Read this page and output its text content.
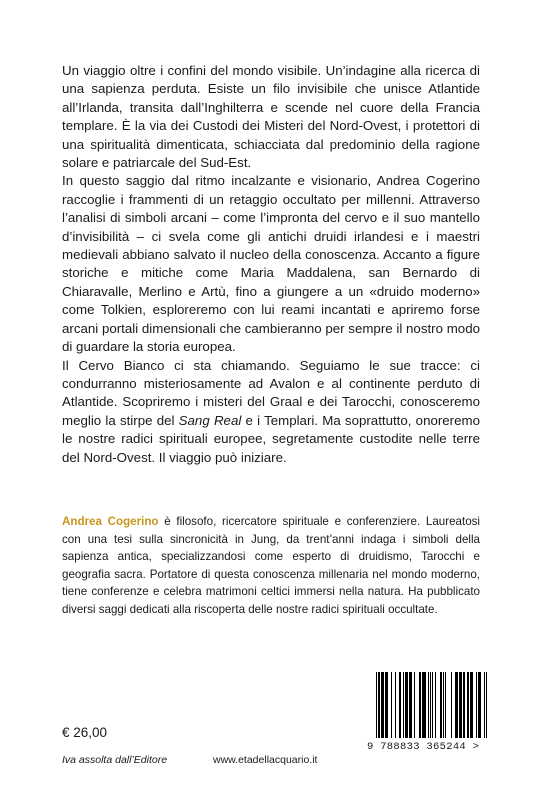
Un viaggio oltre i confini del mondo visibile. Un’indagine alla ricerca di una sapienza perduta. Esiste un filo invisibile che unisce Atlantide all’Irlanda, transita dall’Inghilterra e scende nel cuore della Francia templare. È la via dei Custodi dei Misteri del Nord-Ovest, i protettori di una spiritualità dimenticata, schiacciata dal predominio della ragione solare e patriarcale del Sud-Est.

In questo saggio dal ritmo incalzante e visionario, Andrea Cogerino raccoglie i frammenti di un retaggio occultato per millenni. Attraverso l’analisi di simboli arcani – come l’impronta del cervo e il suo mantello d’invisibilità – ci svela come gli antichi druidi irlandesi e i maestri medievali abbiano salvato il nucleo della conoscenza. Accanto a figure storiche e mitiche come Maria Maddalena, san Bernardo di Chiaravalle, Merlino e Artù, fino a giungere a un «druido moderno» come Tolkien, esploreremo con lui reami incantati e apriremo forse arcani portali dimensionali che cambieranno per sempre il nostro modo di guardare la storia europea.

Il Cervo Bianco ci sta chiamando. Seguiamo le sue tracce: ci condurranno misteriosamente ad Avalon e al continente perduto di Atlantide. Scopriremo i misteri del Graal e dei Tarocchi, conosceremo meglio la stirpe del Sang Real e i Templari. Ma soprattutto, onoreremo le nostre radici spirituali europee, segretamente custodite nelle terre del Nord-Ovest. Il viaggio può iniziare.

Andrea Cogerino è filosofo, ricercatore spirituale e conferenziere. Laureatosi con una tesi sulla sincronicità in Jung, da trent’anni indaga i simboli della sapienza antica, specializzandosi come esperto di druidismo, Tarocchi e geografia sacra. Portatore di questa conoscenza millenaria nel mondo moderno, tiene conferenze e celebra matrimoni celtici immersi nella natura. Ha pubblicato diversi saggi dedicati alla riscoperta delle nostre radici spirituali occultate.

€ 26,00
Iva assolta dall’Editore	www.etadellacquario.it
9 788833 365244 >
